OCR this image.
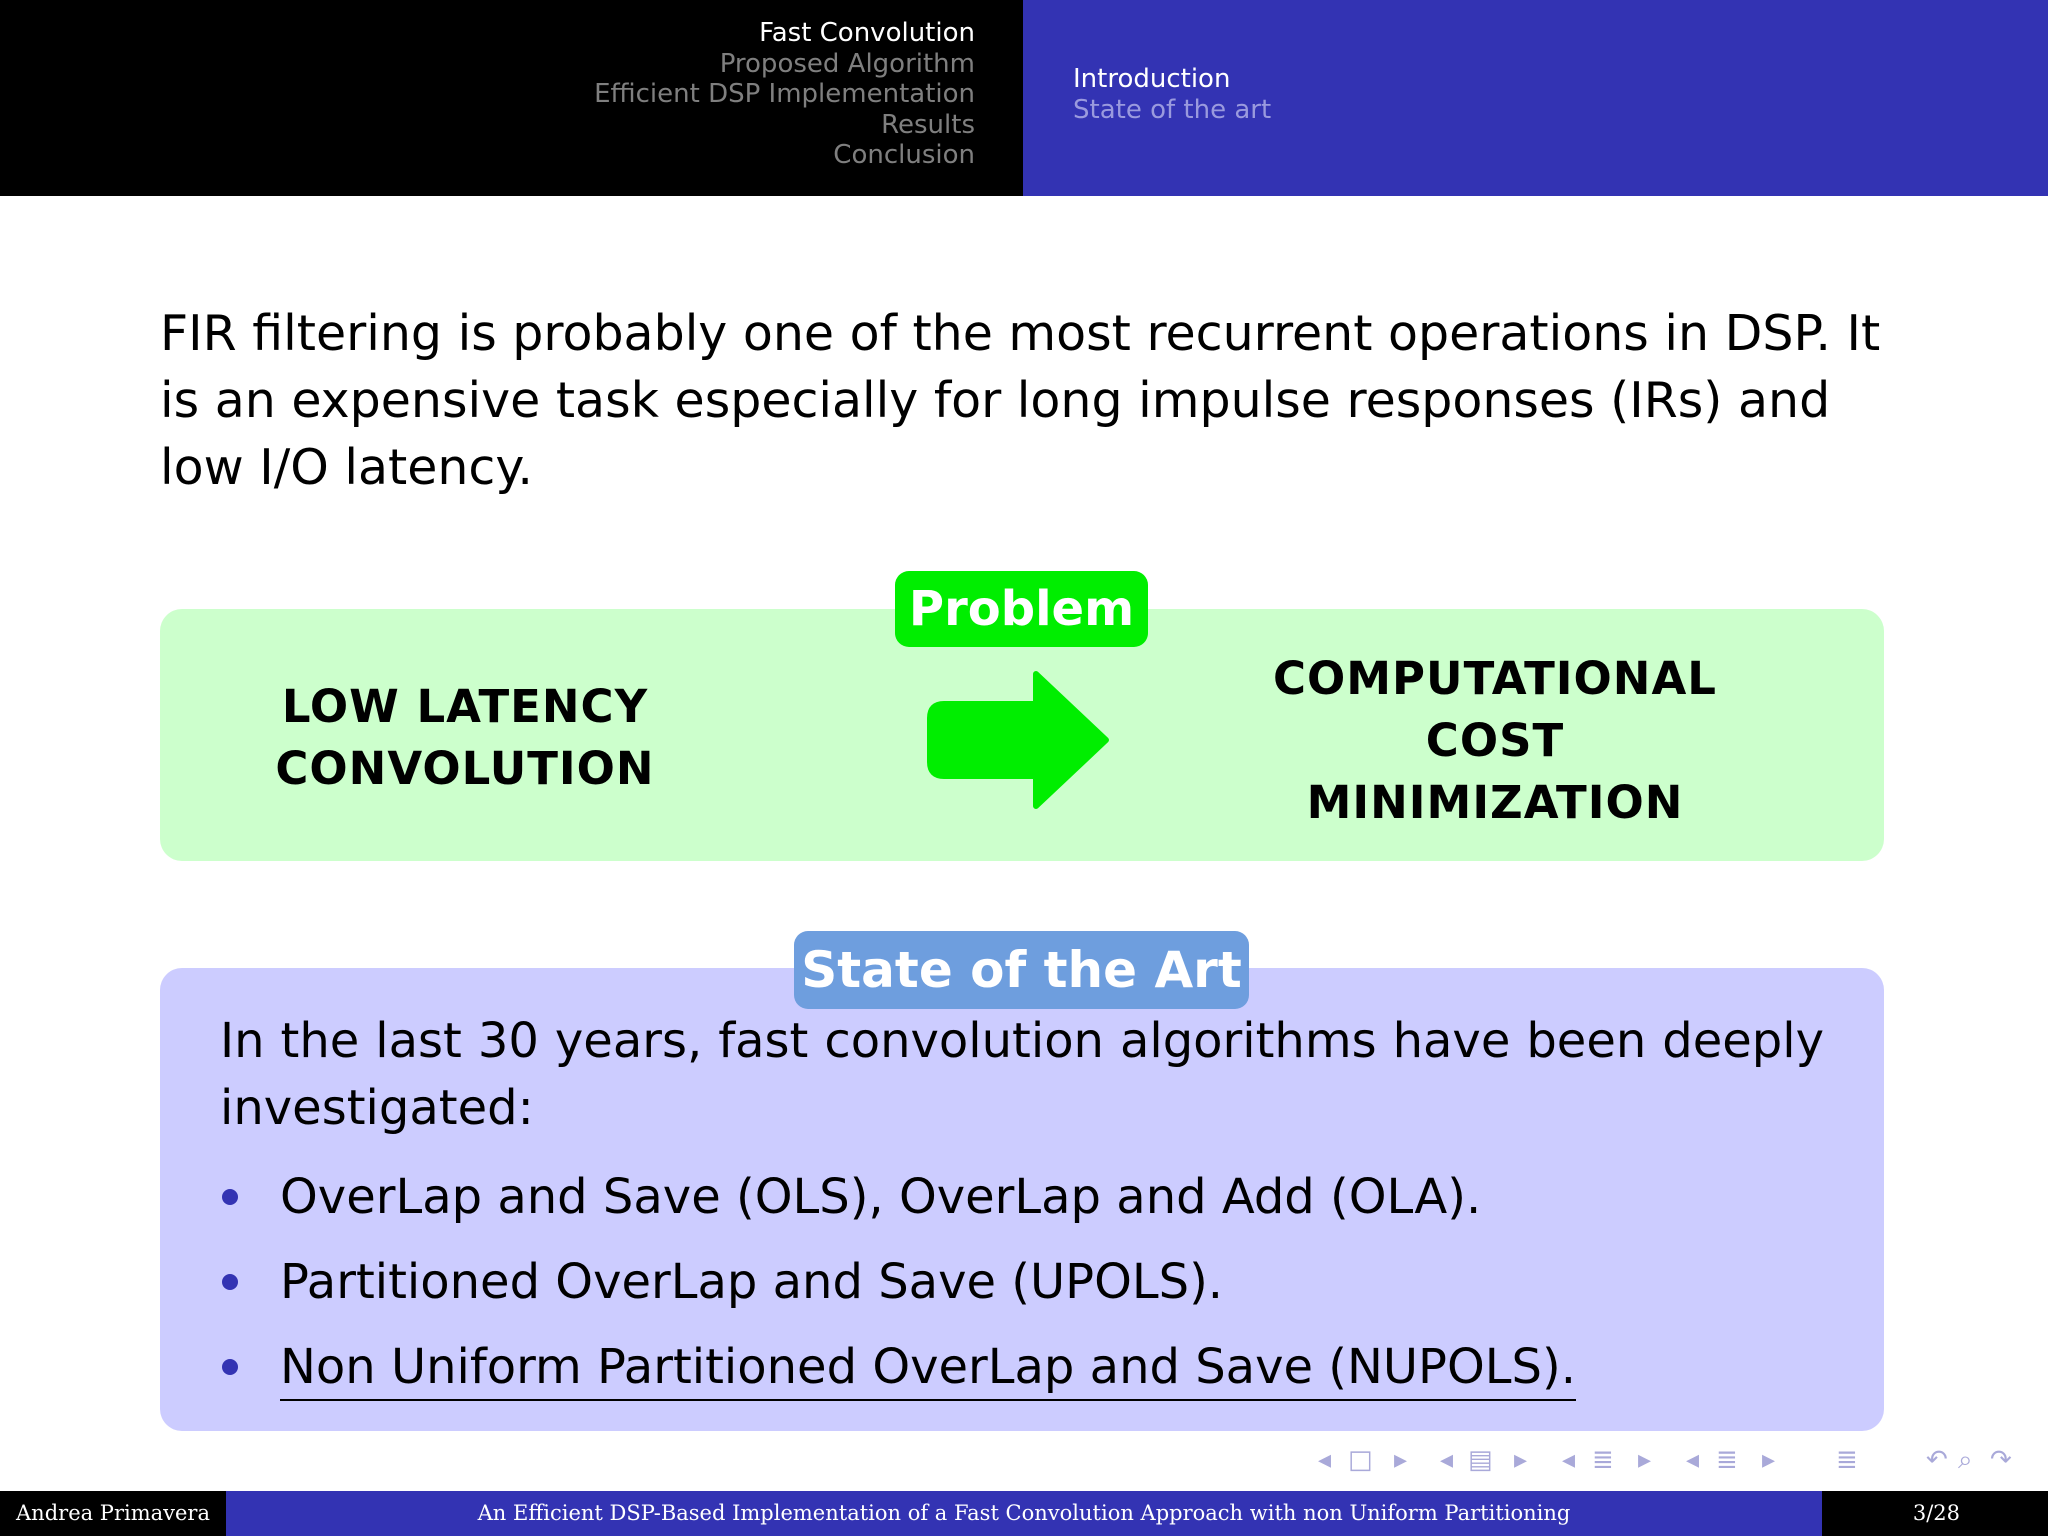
Fast Convolution
Proposed Algorithm
Efficient DSP Implementation
Results
Conclusion
Introduction
State of the art

FIR filtering is probably one of the most recurrent operations in DSP. It is an expensive task especially for long impulse responses (IRs) and low I/O latency.

Problem
LOW LATENCY
CONVOLUTION
COMPUTATIONAL
COST
MINIMIZATION
State of the Art

In the last 30 years, fast convolution algorithms have been deeply investigated:

OverLap and Save (OLS), OverLap and Add (OLA).
Partitioned OverLap and Save (UPOLS).
Non Uniform Partitioned OverLap and Save (NUPOLS).
◂ □ ▸ ◂ ▤ ▸ ◂ ≣ ▸ ◂ ≣ ▸ ≣	↶ ⌕ ↷
Andrea Primavera	An Efficient DSP-Based Implementation of a Fast Convolution Approach with non Uniform Partitioning	3/28
